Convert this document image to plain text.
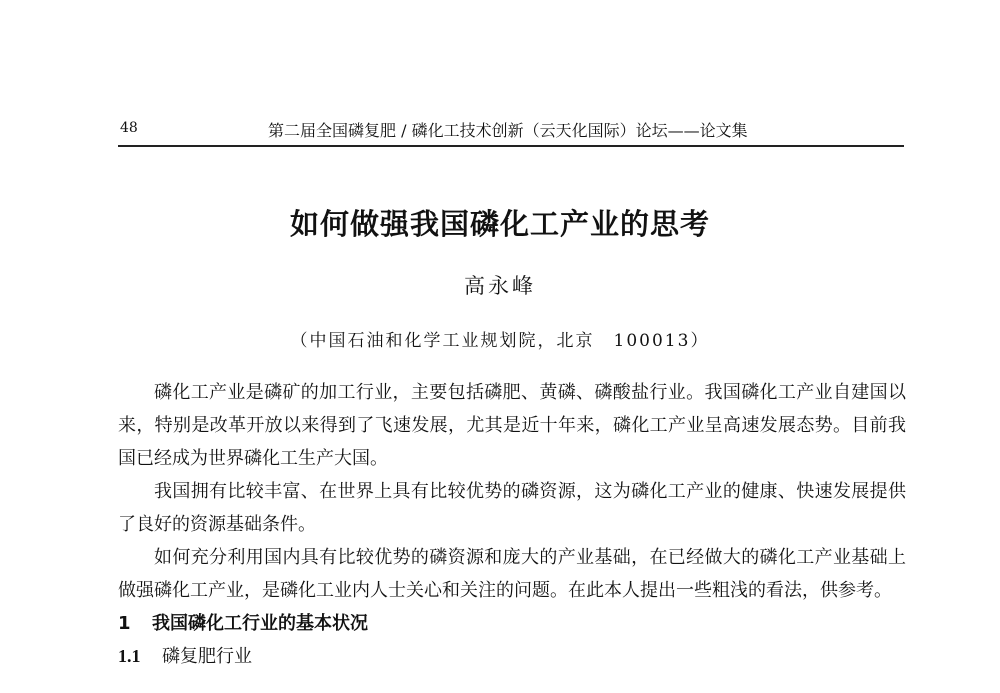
48	第二届全国磷复肥 / 磷化工技术创新（云天化国际）论坛——论文集
如何做强我国磷化工产业的思考
高永峰
（中国石油和化学工业规划院，北京　100013）

磷化工产业是磷矿的加工行业，主要包括磷肥、黄磷、磷酸盐行业。我国磷化工产业自建国以来，特别是改革开放以来得到了飞速发展，尤其是近十年来，磷化工产业呈高速发展态势。目前我国已经成为世界磷化工生产大国。

我国拥有比较丰富、在世界上具有比较优势的磷资源，这为磷化工产业的健康、快速发展提供了良好的资源基础条件。

如何充分利用国内具有比较优势的磷资源和庞大的产业基础，在已经做大的磷化工产业基础上做强磷化工产业，是磷化工业内人士关心和关注的问题。在此本人提出一些粗浅的看法，供参考。

1 我国磷化工行业的基本状况
1.1 磷复肥行业
